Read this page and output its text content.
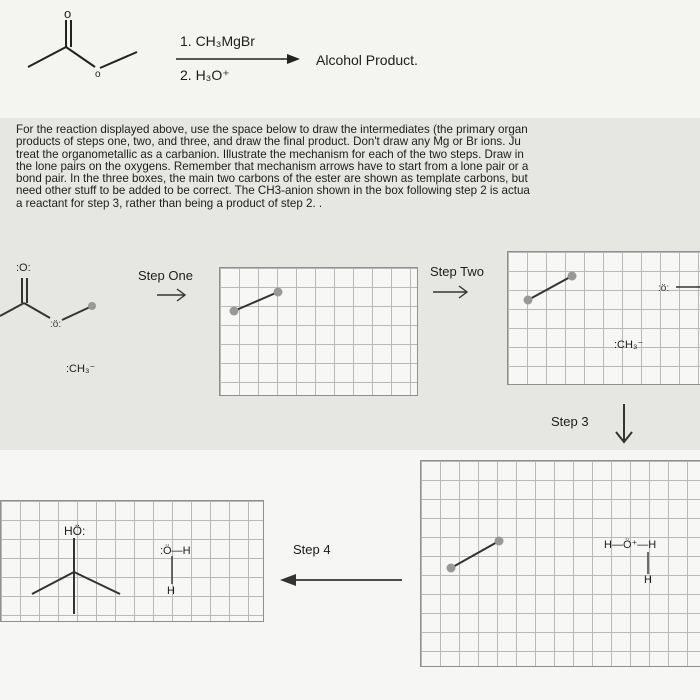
o
o
1. CH₃MgBr
2. H₃O⁺
Alcohol Product.
For the reaction displayed above, use the space below to draw the intermediates (the primary organ
products of steps one, two, and three, and draw the final product. Don't draw any Mg or Br ions. Ju
treat the organometallic as a carbanion. Illustrate the mechanism for each of the two steps. Draw in
the lone pairs on the oxygens. Remember that mechanism arrows have to start from a lone pair or a
bond pair. In the three boxes, the main two carbons of the ester are shown as template carbons, but
need other stuff to be added to be correct. The CH3-anion shown in the box following step 2 is actua
a reactant for step 3, rather than being a product of step 2. .
:ö:
:O:
:CH₃⁻
Step One	Step Two
:ö:
:CH₃⁻
Step 3
H—Ö⁺—H
H
Step 4
HÖ:
:Ö—H
H
